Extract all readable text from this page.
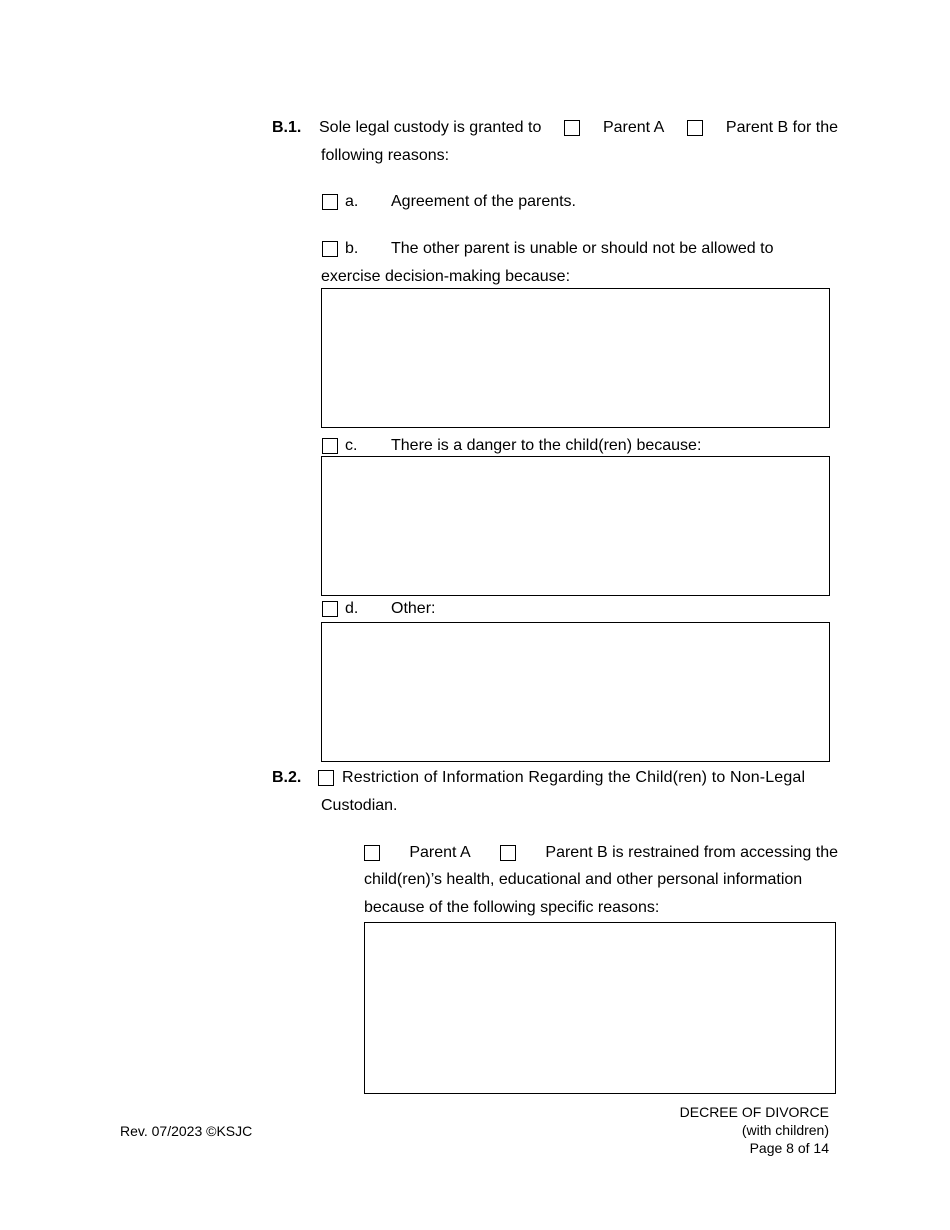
B.1. Sole legal custody is granted to	Parent A	Parent B for the
following reasons:
a. Agreement of the parents.
b. The other parent is unable or should not be allowed to
exercise decision-making because:
c. There is a danger to the child(ren) because:
d. Other:
B.2.	Restriction of Information Regarding the Child(ren) to Non-Legal
Custodian.
Parent A	Parent B is restrained from accessing the
child(ren)’s health, educational and other personal information
because of the following specific reasons:
Rev. 07/2023 ©KSJC
DECREE OF DIVORCE
(with children)
Page 8 of 14
